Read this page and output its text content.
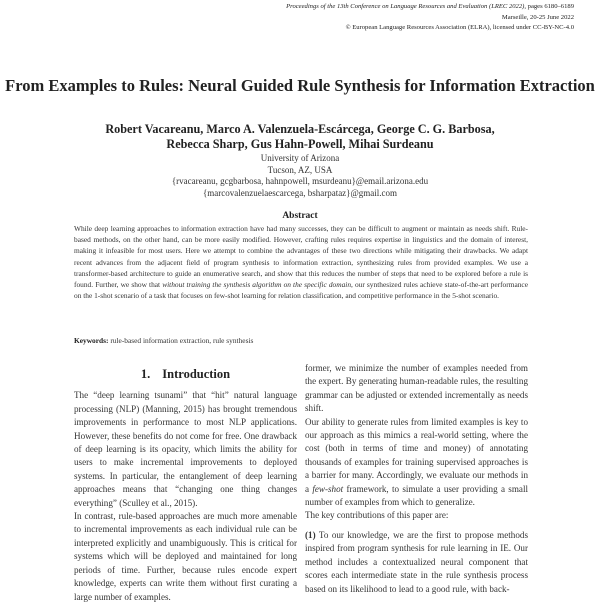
Proceedings of the 13th Conference on Language Resources and Evaluation (LREC 2022), pages 6180–6189
Marseille, 20-25 June 2022
© European Language Resources Association (ELRA), licensed under CC-BY-NC-4.0
From Examples to Rules: Neural Guided Rule Synthesis for Information Extraction
Robert Vacareanu, Marco A. Valenzuela-Escárcega, George C. G. Barbosa,
Rebecca Sharp, Gus Hahn-Powell, Mihai Surdeanu
University of Arizona
Tucson, AZ, USA
{rvacareanu, gcgbarbosa, hahnpowell, msurdeanu}@email.arizona.edu
{marcovalenzuelaescarcega, bsharpataz}@gmail.com
Abstract
While deep learning approaches to information extraction have had many successes, they can be difficult to augment or maintain as needs shift. Rule-based methods, on the other hand, can be more easily modified. However, crafting rules requires expertise in linguistics and the domain of interest, making it infeasible for most users. Here we attempt to combine the advantages of these two directions while mitigating their drawbacks. We adapt recent advances from the adjacent field of program synthesis to information extraction, synthesizing rules from provided examples. We use a transformer-based architecture to guide an enumerative search, and show that this reduces the number of steps that need to be explored before a rule is found. Further, we show that without training the synthesis algorithm on the specific domain, our synthesized rules achieve state-of-the-art performance on the 1-shot scenario of a task that focuses on few-shot learning for relation classification, and competitive performance in the 5-shot scenario.
Keywords: rule-based information extraction, rule synthesis
1. Introduction

The “deep learning tsunami” that “hit” natural language processing (NLP) (Manning, 2015) has brought tremendous improvements in performance to most NLP applications. However, these benefits do not come for free. One drawback of deep learning is its opacity, which limits the ability for users to make incremental improvements to deployed systems. In particular, the entanglement of deep learning approaches means that “changing one thing changes everything” (Sculley et al., 2015).

In contrast, rule-based approaches are much more amenable to incremental improvements as each individual rule can be interpreted explicitly and unambiguously. This is critical for systems which will be deployed and maintained for long periods of time. Further, because rules encode expert knowledge, experts can write them without first curating a large number of examples.

former, we minimize the number of examples needed from the expert. By generating human-readable rules, the resulting grammar can be adjusted or extended incrementally as needs shift.

Our ability to generate rules from limited examples is key to our approach as this mimics a real-world setting, where the cost (both in terms of time and money) of annotating thousands of examples for training supervised approaches is a barrier for many. Accordingly, we evaluate our methods in a few-shot framework, to simulate a user providing a small number of examples from which to generalize.

The key contributions of this paper are:

(1) To our knowledge, we are the first to propose methods inspired from program synthesis for rule learning in IE. Our method includes a contextualized neural component that scores each intermediate state in the rule synthesis process based on its likelihood to lead to a good rule, with back-
